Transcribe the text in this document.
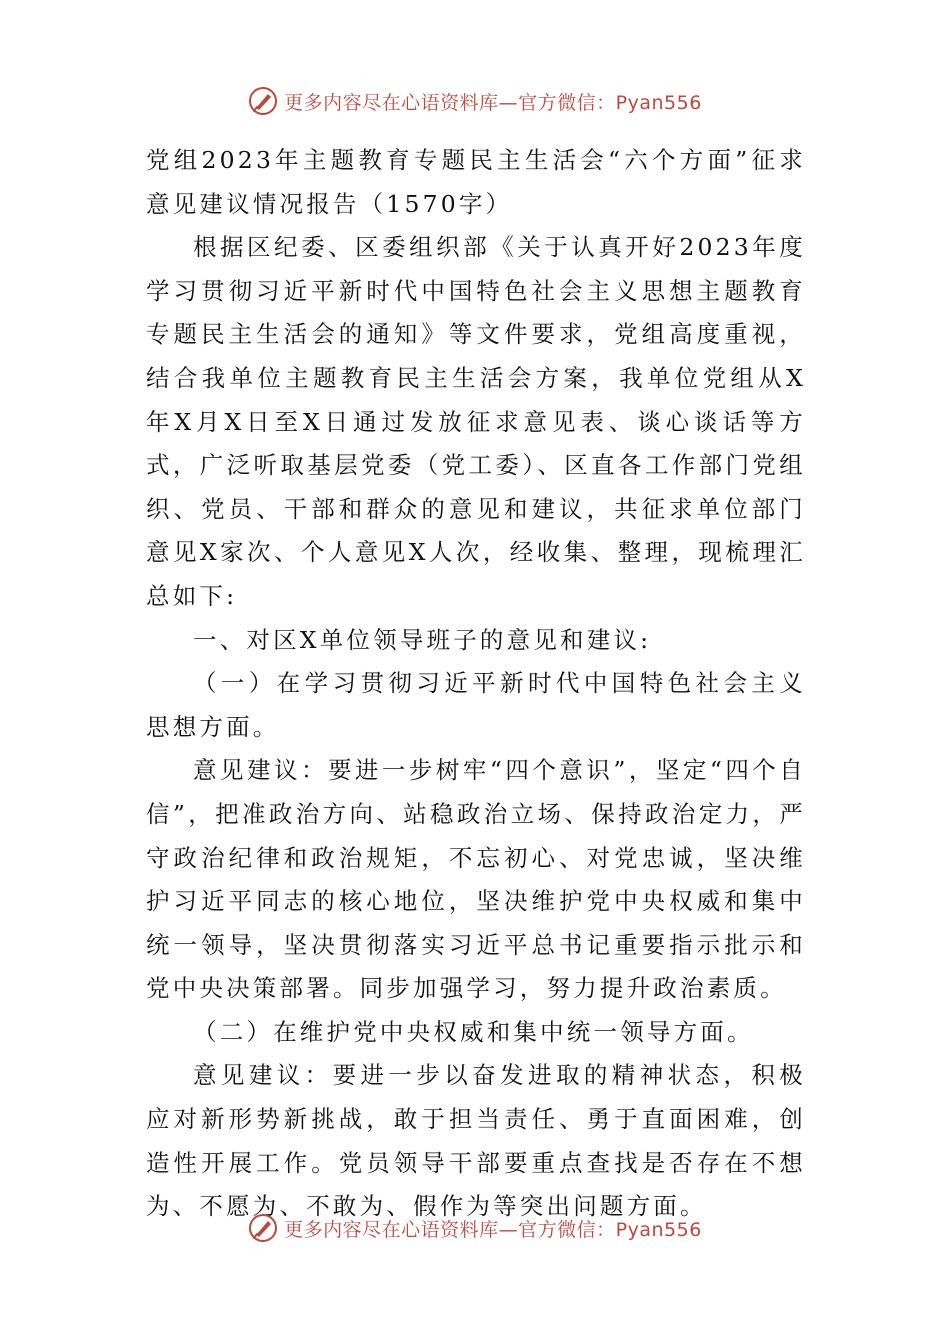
更多内容尽在心语资料库—官方微信：Pyan556

党组2023年主题教育专题民主生活会“六个方面”征求意见建议情况报告（1570字）

根据区纪委、区委组织部《关于认真开好2023年度学习贯彻习近平新时代中国特色社会主义思想主题教育专题民主生活会的通知》等文件要求，党组高度重视，结合我单位主题教育民主生活会方案，我单位党组从X年X月X日至X日通过发放征求意见表、谈心谈话等方式，广泛听取基层党委（党工委）、区直各工作部门党组织、党员、干部和群众的意见和建议，共征求单位部门意见X家次、个人意见X人次，经收集、整理，现梳理汇总如下:

一、对区X单位领导班子的意见和建议:

（一）在学习贯彻习近平新时代中国特色社会主义思想方面。

意见建议：要进一步树牢“四个意识”，坚定“四个自信”，把准政治方向、站稳政治立场、保持政治定力，严守政治纪律和政治规矩，不忘初心、对党忠诚，坚决维护习近平同志的核心地位，坚决维护党中央权威和集中统一领导，坚决贯彻落实习近平总书记重要指示批示和党中央决策部署。同步加强学习，努力提升政治素质。

（二）在维护党中央权威和集中统一领导方面。

意见建议：要进一步以奋发进取的精神状态，积极应对新形势新挑战，敢于担当责任、勇于直面困难，创造性开展工作。党员领导干部要重点查找是否存在不想为、不愿为、不敢为、假作为等突出问题方面。

更多内容尽在心语资料库—官方微信：Pyan556
